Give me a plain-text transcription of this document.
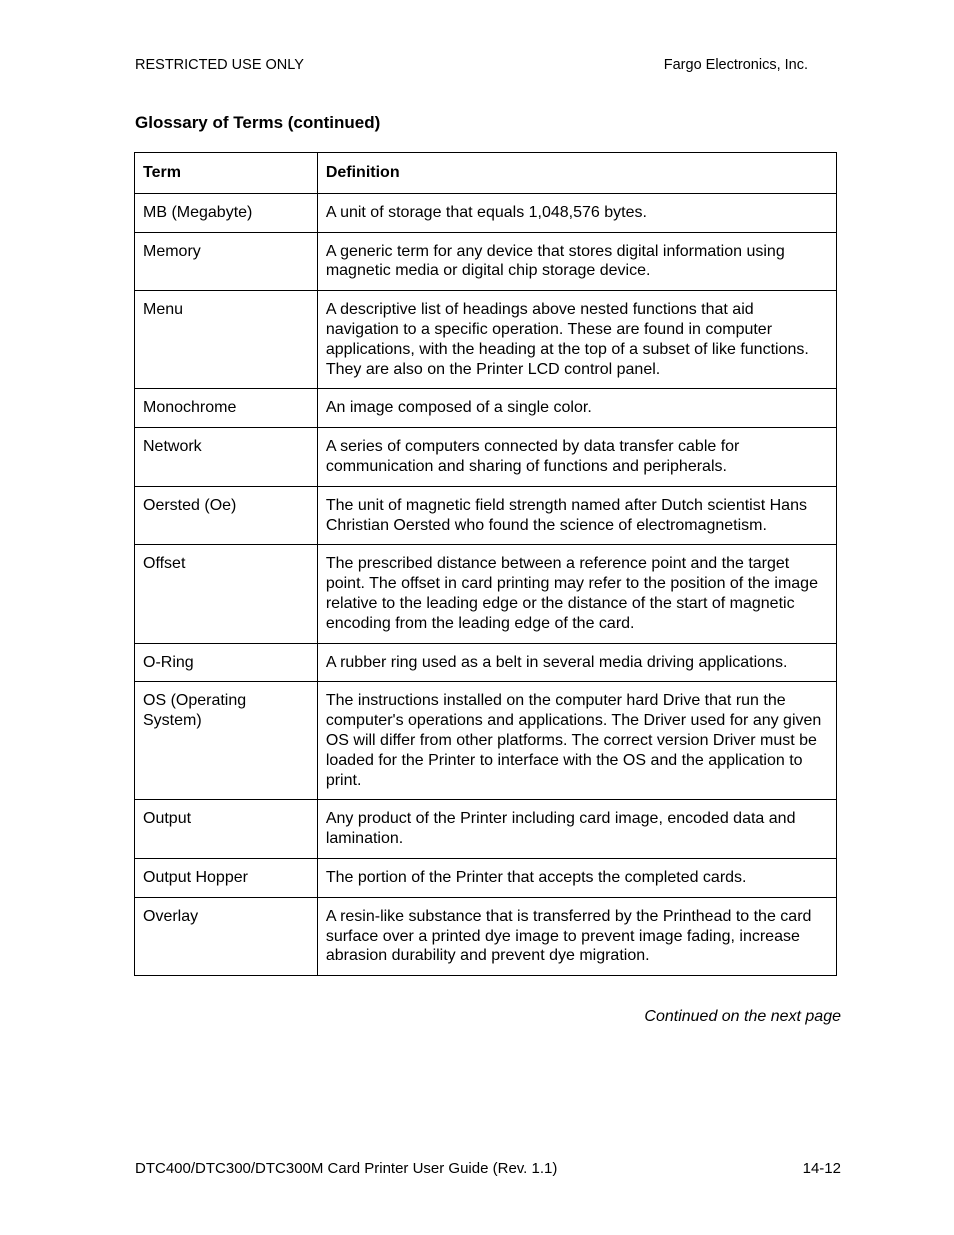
RESTRICTED USE ONLY	Fargo Electronics, Inc.
Glossary of Terms (continued)
Term	Definition
MB (Megabyte)	A unit of storage that equals 1,048,576 bytes.
Memory	A generic term for any device that stores digital information using magnetic media or digital chip storage device.
Menu	A descriptive list of headings above nested functions that aid navigation to a specific operation. These are found in computer applications, with the heading at the top of a subset of like functions. They are also on the Printer LCD control panel.
Monochrome	An image composed of a single color.
Network	A series of computers connected by data transfer cable for communication and sharing of functions and peripherals.
Oersted (Oe)	The unit of magnetic field strength named after Dutch scientist Hans Christian Oersted who found the science of electromagnetism.
Offset	The prescribed distance between a reference point and the target point. The offset in card printing may refer to the position of the image relative to the leading edge or the distance of the start of magnetic encoding from the leading edge of the card.
O-Ring	A rubber ring used as a belt in several media driving applications.
OS (Operating System)	The instructions installed on the computer hard Drive that run the computer's operations and applications. The Driver used for any given OS will differ from other platforms. The correct version Driver must be loaded for the Printer to interface with the OS and the application to print.
Output	Any product of the Printer including card image, encoded data and lamination.
Output Hopper	The portion of the Printer that accepts the completed cards.
Overlay	A resin-like substance that is transferred by the Printhead to the card surface over a printed dye image to prevent image fading, increase abrasion durability and prevent dye migration.
Continued on the next page
DTC400/DTC300/DTC300M Card Printer User Guide (Rev. 1.1)	14-12
